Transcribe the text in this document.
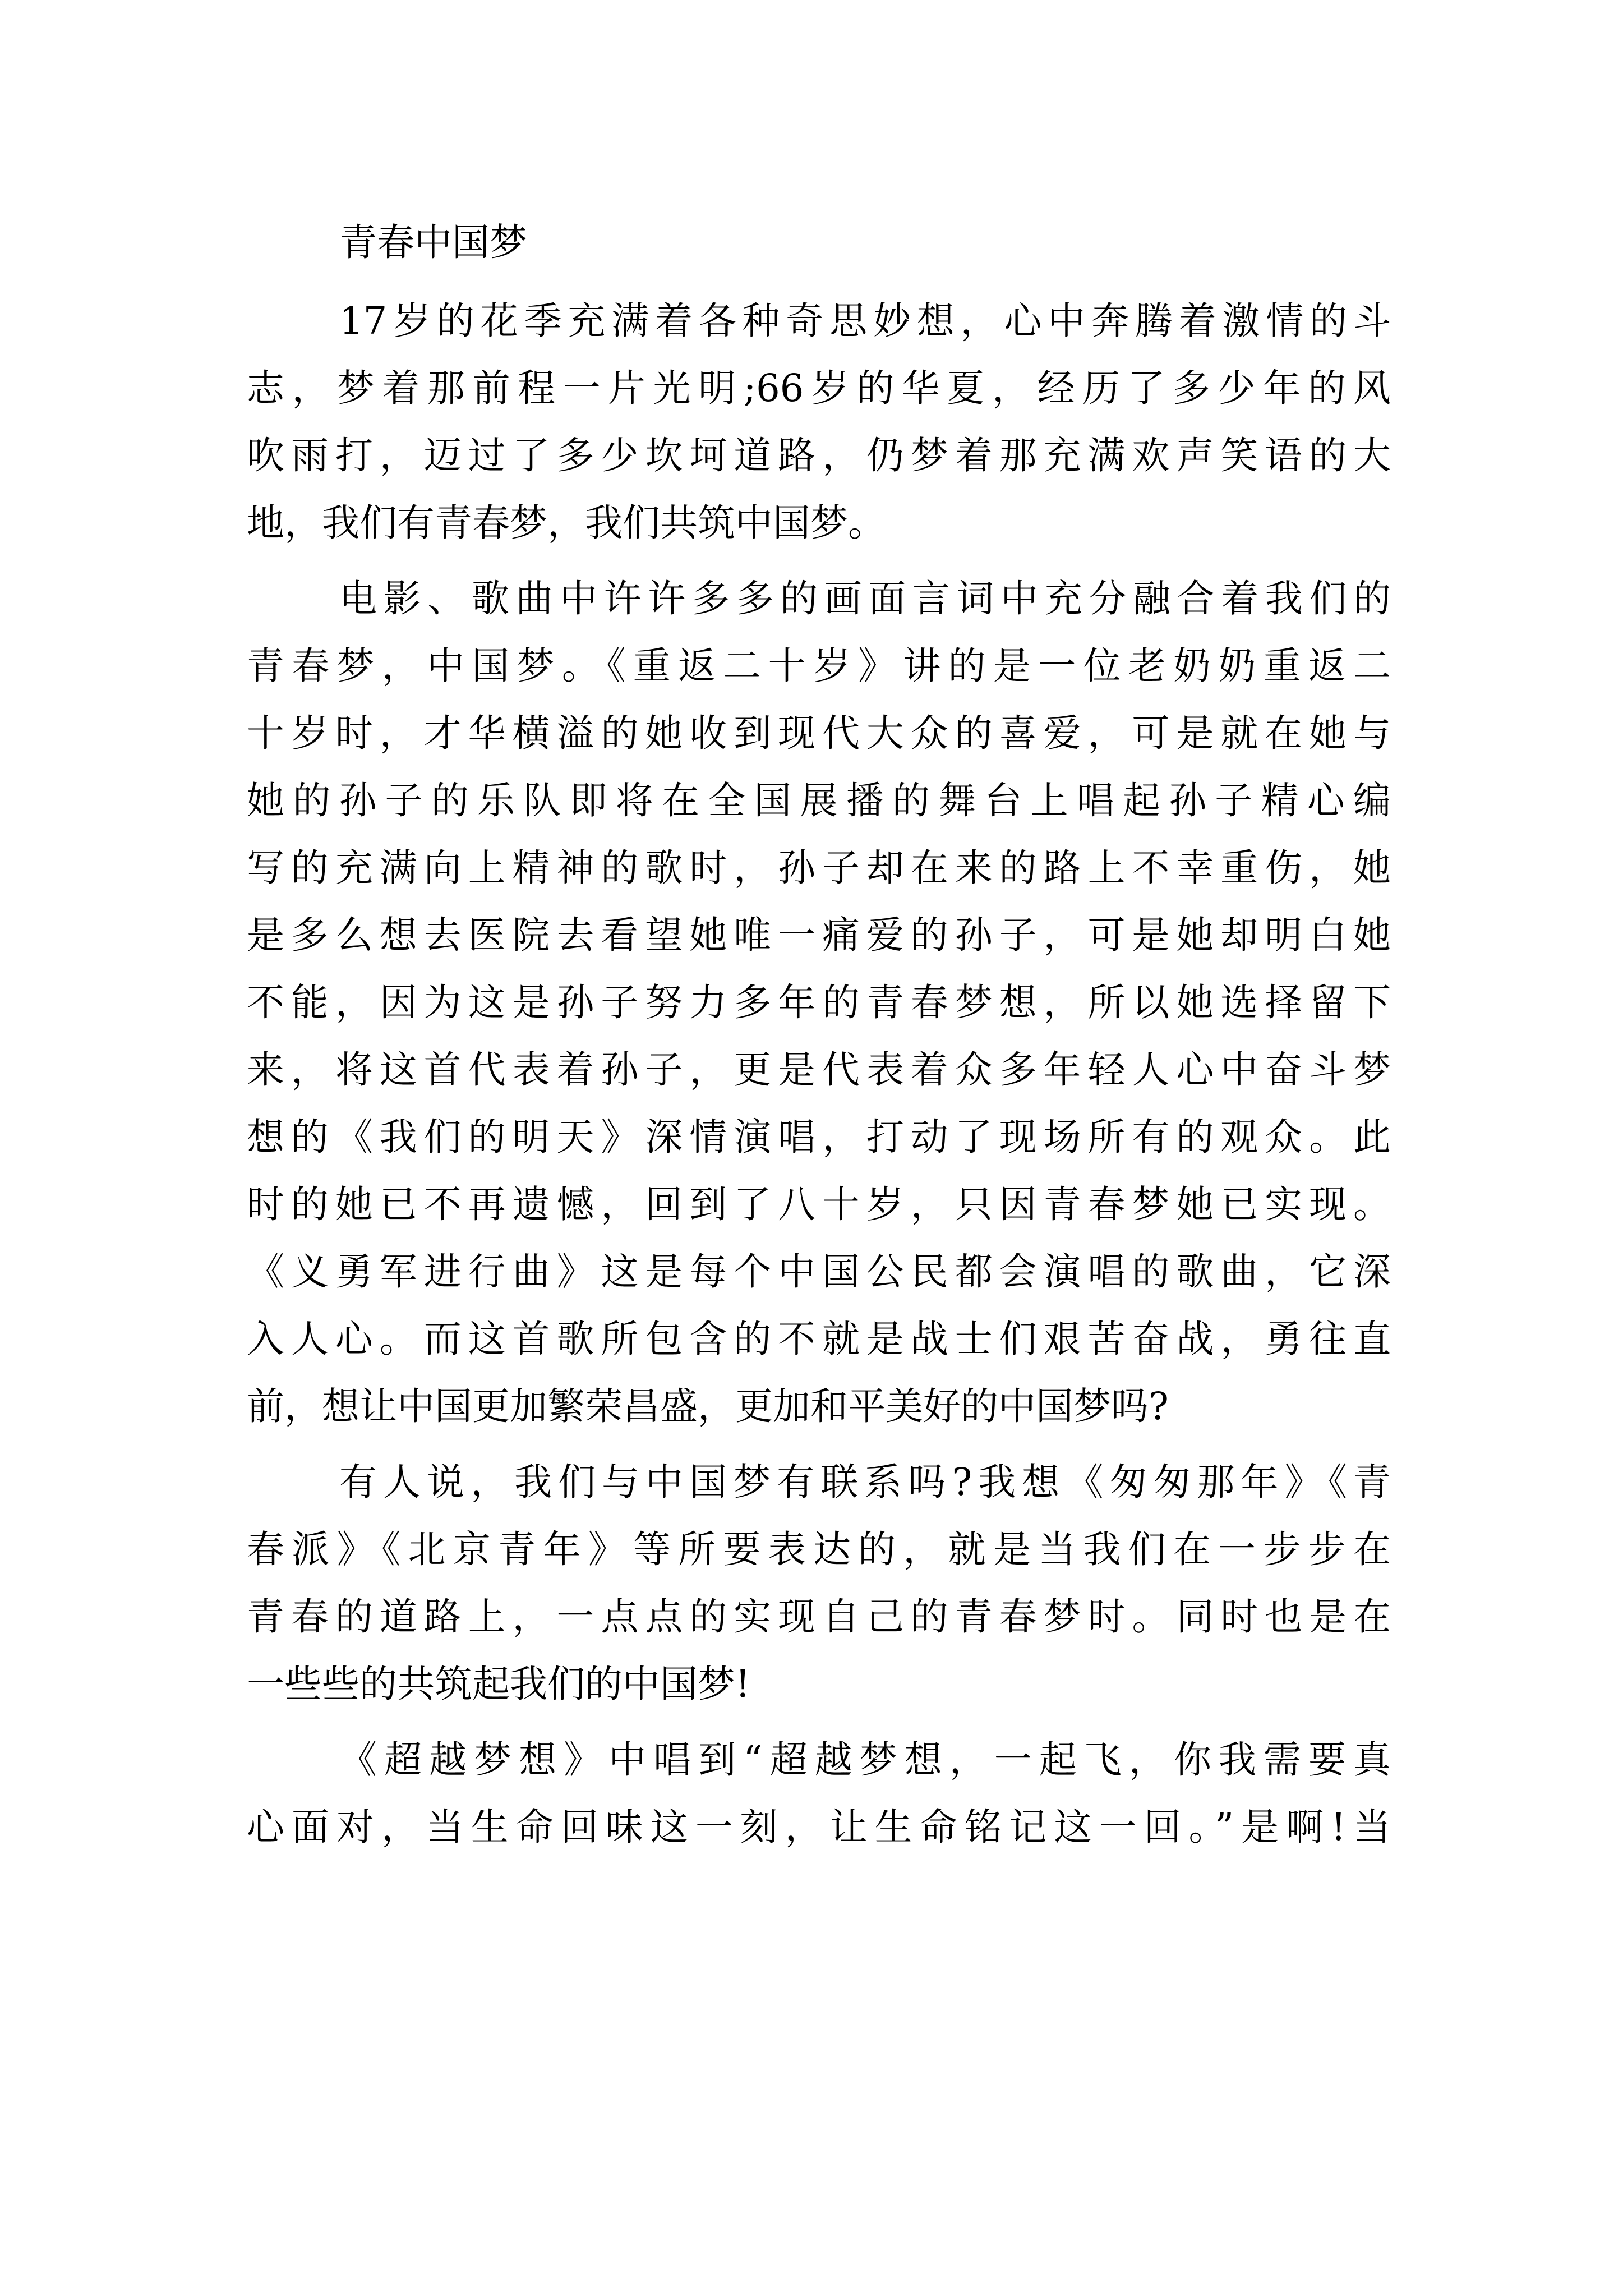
青春中国梦

17岁的花季充满着各种奇思妙想，心中奔腾着激情的斗

志，梦着那前程一片光明;66岁的华夏，经历了多少年的风

吹雨打，迈过了多少坎坷道路，仍梦着那充满欢声笑语的大

地，我们有青春梦，我们共筑中国梦。

电影、歌曲中许许多多的画面言词中充分融合着我们的

青春梦，中国梦。《重返二十岁》讲的是一位老奶奶重返二

十岁时，才华横溢的她收到现代大众的喜爱，可是就在她与

她的孙子的乐队即将在全国展播的舞台上唱起孙子精心编

写的充满向上精神的歌时，孙子却在来的路上不幸重伤，她

是多么想去医院去看望她唯一痛爱的孙子，可是她却明白她

不能，因为这是孙子努力多年的青春梦想，所以她选择留下

来，将这首代表着孙子，更是代表着众多年轻人心中奋斗梦

想的《我们的明天》深情演唱，打动了现场所有的观众。此

时的她已不再遗憾，回到了八十岁，只因青春梦她已实现。

《义勇军进行曲》这是每个中国公民都会演唱的歌曲，它深

入人心。而这首歌所包含的不就是战士们艰苦奋战，勇往直

前，想让中国更加繁荣昌盛，更加和平美好的中国梦吗?

有人说，我们与中国梦有联系吗?我想《匆匆那年》《青

春派》《北京青年》等所要表达的，就是当我们在一步步在

青春的道路上，一点点的实现自己的青春梦时。同时也是在

一些些的共筑起我们的中国梦!

《超越梦想》中唱到“超越梦想，一起飞，你我需要真

心面对，当生命回味这一刻，让生命铭记这一回。”是啊!当
